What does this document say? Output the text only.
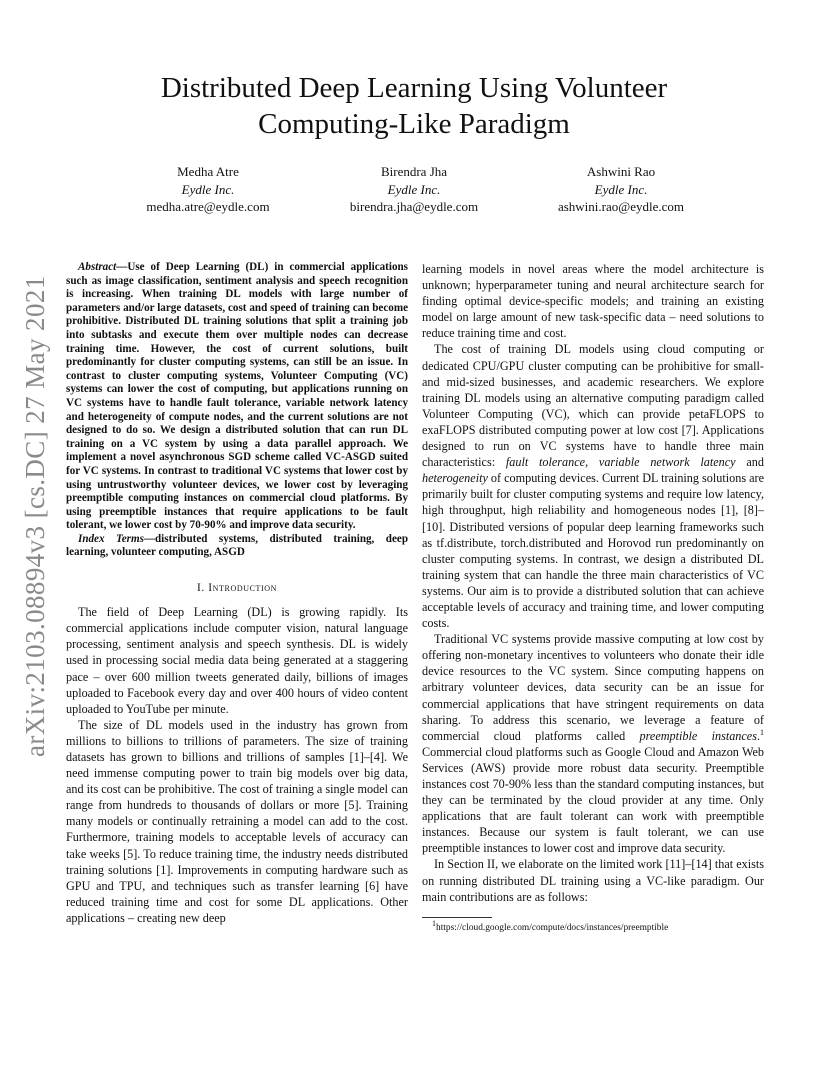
arXiv:2103.08894v3 [cs.DC] 27 May 2021
Distributed Deep Learning Using Volunteer
Computing-Like Paradigm
Medha Atre
Eydle Inc.
medha.atre@eydle.com
Birendra Jha
Eydle Inc.
birendra.jha@eydle.com
Ashwini Rao
Eydle Inc.
ashwini.rao@eydle.com

Abstract—Use of Deep Learning (DL) in commercial applications such as image classification, sentiment analysis and speech recognition is increasing. When training DL models with large number of parameters and/or large datasets, cost and speed of training can become prohibitive. Distributed DL training solutions that split a training job into subtasks and execute them over multiple nodes can decrease training time. However, the cost of current solutions, built predominantly for cluster computing systems, can still be an issue. In contrast to cluster computing systems, Volunteer Computing (VC) systems can lower the cost of computing, but applications running on VC systems have to handle fault tolerance, variable network latency and heterogeneity of compute nodes, and the current solutions are not designed to do so. We design a distributed solution that can run DL training on a VC system by using a data parallel approach. We implement a novel asynchronous SGD scheme called VC-ASGD suited for VC systems. In contrast to traditional VC systems that lower cost by using untrustworthy volunteer devices, we lower cost by leveraging preemptible computing instances on commercial cloud platforms. By using preemptible instances that require applications to be fault tolerant, we lower cost by 70-90% and improve data security.

Index Terms—distributed systems, distributed training, deep learning, volunteer computing, ASGD

I. Introduction

The field of Deep Learning (DL) is growing rapidly. Its commercial applications include computer vision, natural language processing, sentiment analysis and speech synthesis. DL is widely used in processing social media data being generated at a staggering pace – over 600 million tweets generated daily, billions of images uploaded to Facebook every day and over 400 hours of video content uploaded to YouTube per minute.

The size of DL models used in the industry has grown from millions to billions to trillions of parameters. The size of training datasets has grown to billions and trillions of samples [1]–[4]. We need immense computing power to train big models over big data, and its cost can be prohibitive. The cost of training a single model can range from hundreds to thousands of dollars or more [5]. Training many models or continually retraining a model can add to the cost. Furthermore, training models to acceptable levels of accuracy can take weeks [5]. To reduce training time, the industry needs distributed training solutions [1]. Improvements in computing hardware such as GPU and TPU, and techniques such as transfer learning [6] have reduced training time and cost for some DL applications. Other applications – creating new deep

learning models in novel areas where the model architecture is unknown; hyperparameter tuning and neural architecture search for finding optimal device-specific models; and training an existing model on large amount of new task-specific data – need solutions to reduce training time and cost.

The cost of training DL models using cloud computing or dedicated CPU/GPU cluster computing can be prohibitive for small- and mid-sized businesses, and academic researchers. We explore training DL models using an alternative computing paradigm called Volunteer Computing (VC), which can provide petaFLOPS to exaFLOPS distributed computing power at low cost [7]. Applications designed to run on VC systems have to handle three main characteristics: fault tolerance, variable network latency and heterogeneity of computing devices. Current DL training solutions are primarily built for cluster computing systems and require low latency, high throughput, high reliability and homogeneous nodes [1], [8]–[10]. Distributed versions of popular deep learning frameworks such as tf.distribute, torch.distributed and Horovod run predominantly on cluster computing systems. In contrast, we design a distributed DL training system that can handle the three main characteristics of VC systems. Our aim is to provide a distributed solution that can achieve acceptable levels of accuracy and training time, and lower computing costs.

Traditional VC systems provide massive computing at low cost by offering non-monetary incentives to volunteers who donate their idle device resources to the VC system. Since computing happens on arbitrary volunteer devices, data security can be an issue for commercial applications that have stringent requirements on data sharing. To address this scenario, we leverage a feature of commercial cloud platforms called preemptible instances.$^1$ Commercial cloud platforms such as Google Cloud and Amazon Web Services (AWS) provide more robust data security. Preemptible instances cost 70-90% less than the standard computing instances, but they can be terminated by the cloud provider at any time. Only applications that are fault tolerant can work with preemptible instances. Because our system is fault tolerant, we can use preemptible instances to lower cost and improve data security.

In Section II, we elaborate on the limited work [11]–[14] that exists on running distributed DL training using a VC-like paradigm. Our main contributions are as follows:

$^1$https://cloud.google.com/compute/docs/instances/preemptible
